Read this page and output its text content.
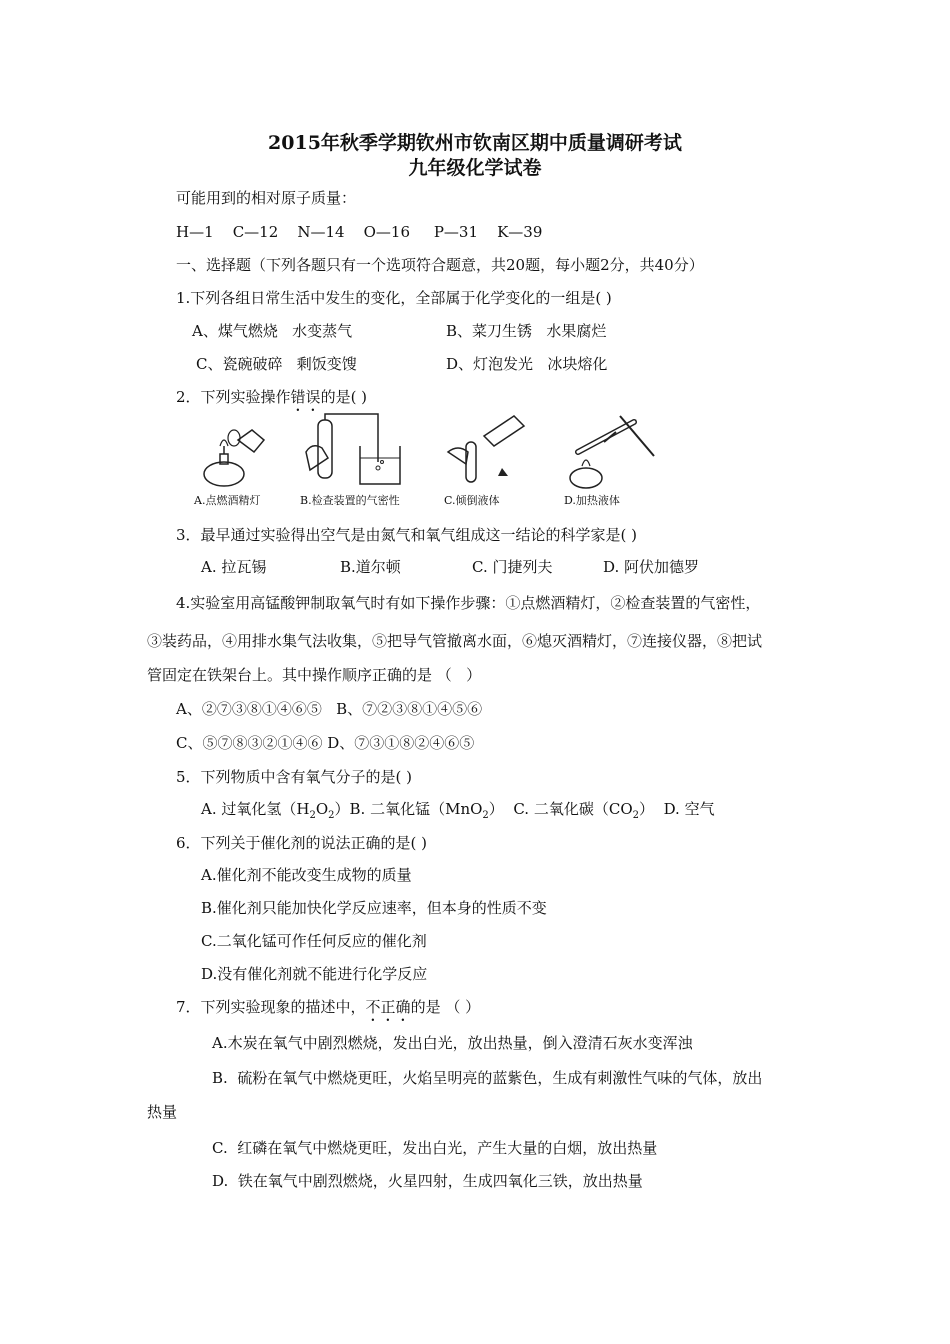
2015年秋季学期钦州市钦南区期中质量调研考试
九年级化学试卷
可能用到的相对原子质量：
H—1    C—12    N—14    O—16     P—31    K—39
一、选择题（下列各题只有一个选项符合题意，共20题，每小题2分，共40分）
1.下列各组日常生活中发生的变化，全部属于化学变化的一组是( )
A、煤气燃烧   水变蒸气	B、菜刀生锈   水果腐烂
C、瓷碗破碎   剩饭变馊	D、灯泡发光   冰块熔化
2．下列实验操作错误的是( )
A.点燃酒精灯	B.检查装置的气密性	C.倾倒液体	D.加热液体
3．最早通过实验得出空气是由氮气和氧气组成这一结论的科学家是( )
A. 拉瓦锡	B.道尔顿	C. 门捷列夫	D. 阿伏加德罗
4.实验室用高锰酸钾制取氧气时有如下操作步骤：①点燃酒精灯，②检查装置的气密性，
③装药品，④用排水集气法收集，⑤把导气管撤离水面，⑥熄灭酒精灯，⑦连接仪器，⑧把试
管固定在铁架台上。其中操作顺序正确的是 （   ）
A、②⑦③⑧①④⑥⑤   B、⑦②③⑧①④⑤⑥
C、⑤⑦⑧③②①④⑥ D、⑦③①⑧②④⑥⑤
5．下列物质中含有氧气分子的是( )
A. 过氧化氢$(H_2O_2)B$. 二氧化锰（MnO$_2$） C. 二氧化碳$(CO_2)$ D. 空气
6．下列关于催化剂的说法正确的是( )
A.催化剂不能改变生成物的质量
B.催化剂只能加快化学反应速率，但本身的性质不变
C.二氧化锰可作任何反应的催化剂
D.没有催化剂就不能进行化学反应
7．下列实验现象的描述中，不正确的是 （ ）
A.木炭在氧气中剧烈燃烧，发出白光，放出热量，倒入澄清石灰水变浑浊
B.  硫粉在氧气中燃烧更旺，火焰呈明亮的蓝紫色，生成有刺激性气味的气体，放出
热量
C.  红磷在氧气中燃烧更旺，发出白光，产生大量的白烟，放出热量
D.  铁在氧气中剧烈燃烧，火星四射，生成四氧化三铁，放出热量
